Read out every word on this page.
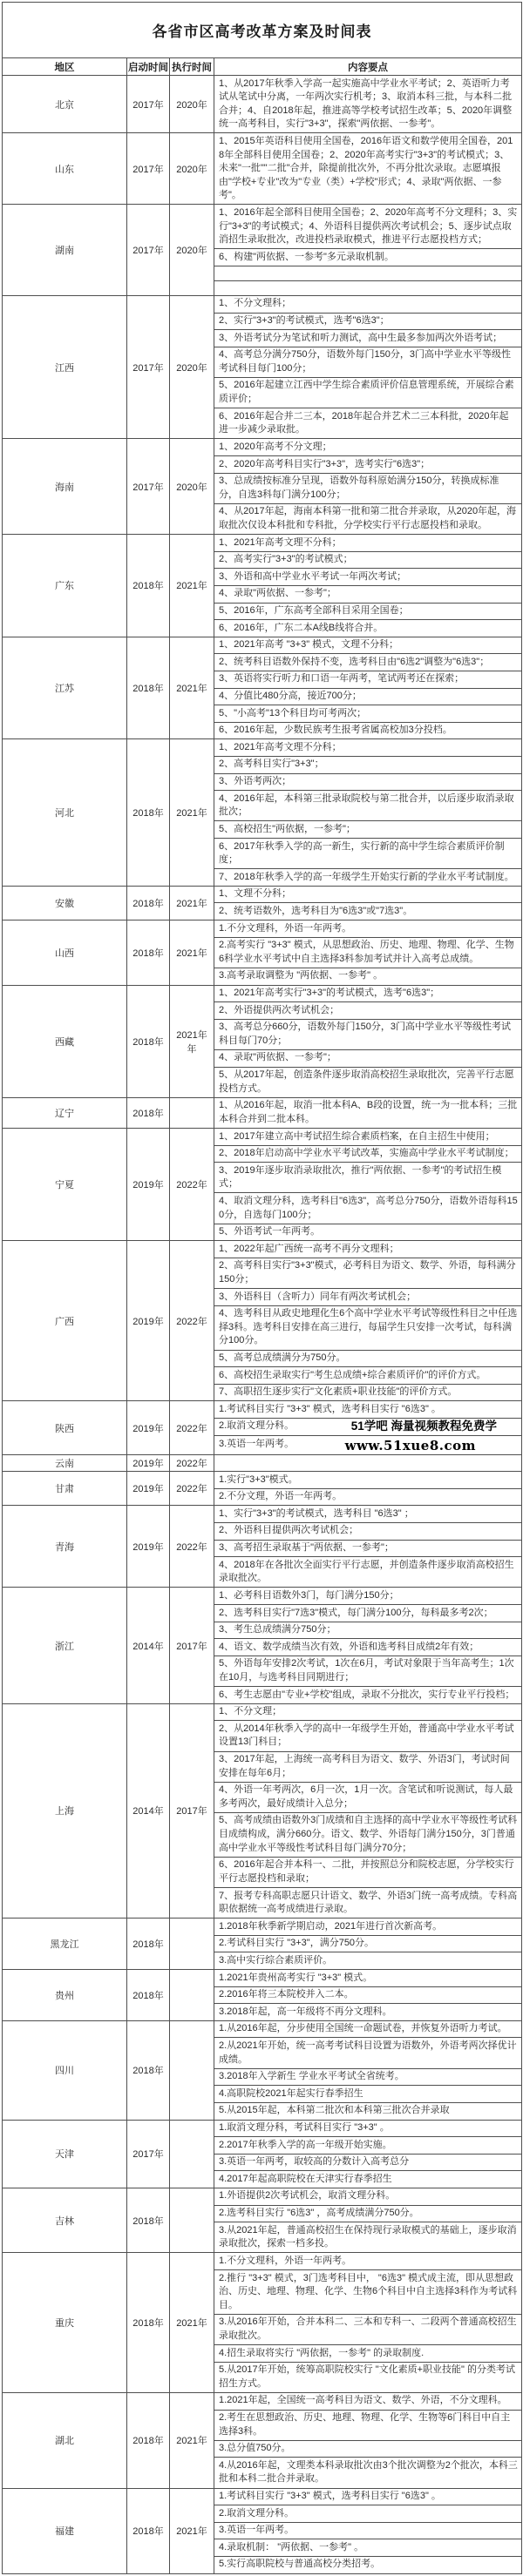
各省市区高考改革方案及时间表			
地区	启动时间	执行时间	内容要点
北京	2017年	2020年	1、从2017年秋季入学高一起实施高中学业水平考试；2、英语听力考试从笔试中分离，一年两次实行机考；3、取消本科三批，与本科二批合并；4、自2018年起，推进高等学校考试招生改革；5、2020年调整统一高考科目，实行"3+3"，探索"两依据、一参考"。
山东	2017年	2020年	1、2015年英语科目使用全国卷，2016年语文和数学使用全国卷，2018年全部科目使用全国卷；2、2020年高考实行"3+3"的考试模式；3、未来"一批""二批"合并，除提前批次外，不再分批次录取。志愿填报由"学校+专业"改为"专业（类）+学校"形式；4、录取"两依据、一参考"。
湖南	2017年	2020年	1、2016年起全部科目使用全国卷；2、2020年高考不分文理科；3、实行"3+3"的考试模式；4、外语科目提供两次考试机会；5、逐步试点取消招生录取批次，改进投档录取模式，推进平行志愿投档方式；
			6、构建"两依据、一参考"多元录取机制。

江西	2017年	2020年	1、不分文理科；
			2、实行"3+3"的考试模式，选考"6选3"；
			3、外语考试分为笔试和听力测试，高中生最多参加两次外语考试；
			4、高考总分满分750分，语数外每门150分，3门高中学业水平等级性考试科目每门100分；
			5、2016年起建立江西中学生综合素质评价信息管理系统，开展综合素质评价；
			6、2016年起合并二三本，2018年起合并艺术二三本科批，2020年起进一步减少录取批。
海南	2017年	2020年	1、2020年高考不分文理；
			2、2020年高考科目实行"3+3"，选考实行"6选3"；
			3、总成绩按标准分呈现，语数外每科原始满分150分，转换成标准分，自选3科每门满分100分；
			4、从2017年起，海南本科第一批和第二批合并录取，从2020年起，海取批次仅设本科批和专科批，分学校实行平行志愿投档和录取。
广东	2018年	2021年	1、2021年高考文理不分科；
			2、高考实行"3+3"的考试模式；
			3、外语和高中学业水平考试一年两次考试；
			4、录取"两依据、一参考"；
			5、2016年，广东高考全部科目采用全国卷；
			6、2016年，广东二本A线B线将合并。
江苏	2018年	2021年	1、2021年高考 "3+3" 模式，文理不分科；
			2、统考科目语数外保持不变，选考科目由"6选2"调整为"6选3"；
			3、英语将实行听力和口语一年两考，笔试两考还在探索；
			4、分值比480分高，接近700分；
			5、"小高考"13个科目均可考两次；
			6、2016年起，少数民族考生报考省属高校加3分投档。
河北	2018年	2021年	1、2021年高考文理不分科；
			2、高考科目实行"3+3"；
			3、外语考两次；
			4、2016年起，本科第三批录取院校与第二批合并，以后逐步取消录取批次；
			5、高校招生"两依据，一参考"；
			6、2017年秋季入学的高一新生，实行新的高中学生综合素质评价制度；
			7、2018年秋季入学的高一年级学生开始实行新的学业水平考试制度。
安徽	2018年	2021年	1、文理不分科；
			2、统考语数外，选考科目为"6选3"或"7选3"。
山西	2018年	2021年	1.不分文理科，外语一年两考。
			2.高考实行 "3+3" 模式，从思想政治、历史、地理、物理、化学、生物6科学业水平考试中自主选择3科参加考试并计入高考总成绩。
			3.高考录取调整为 "两依据、一参考" 。
西藏	2018年	2021年年	1、2021年高考实行"3+3"的考试模式，选考"6选3"；
			2、外语提供两次考试机会；
			3、高考总分660分，语数外每门150分，3门高中学业水平等级性考试科目每门70分；
			4、录取"两依据、一参考"；
			5、从2017年起，创造条件逐步取消高校招生录取批次，完善平行志愿投档方式。
辽宁	2018年		1、从2016年起，取消一批本科A、B段的设置，统一为一批本科；三批本科合并到二批本科。
宁夏	2019年	2022年	1、2017年建立高中考试招生综合素质档案，在自主招生中使用；
			2、2018年启动高中学业水平考试改革，实施高中学业水平考试制度；
			3、2019年逐步取消录取批次，推行"两依据、一参考"的考试招生模式；
			4、取消文理分科，选考科目"6选3"，高考总分750分，语数外语每科150分，自选每门100分；
			5、外语考试一年两考。
广西	2019年	2022年	1、2022年起广西统一高考不再分文理科；
			2、高考科目实行"3+3"模式，必考科目为语文、数学、外语，每科满分150分；
			3、外语科目（含听力）同年有两次考试机会；
			4、选考科目从政史地理化生6个高中学业水平考试等级性科目之中任选择3科。选考科目安排在高三进行，每届学生只安排一次考试，每科满分100分。
			5、高考总成绩满分为750分。
			6、高校招生录取实行"考生总成绩+综合素质评价"的评价方式。
			7、高职招生逐步实行"文化素质+职业技能"的评价方式。
陕西	2019年	2022年	1.考试科目实行 "3+3" 模式，选考科目实行 "6选3" 。
			2.取消文理分科。 51学吧 海量视频教程免费学

			3.英语一年两考。 www.51xue8.com

云南	2019年	2022年	
甘肃	2019年	2022年	1.实行"3+3"模式。
			2.不分文理，外语一年两考。
青海	2019年	2022年	1、实行"3+3"的考试模式，选考科目 "6选3" ；
			2、外语科目提供两次考试机会；
			3、高考招生录取基于"两依据、一参考"；
			4、2018年在各批次全面实行平行志愿，并创造条件逐步取消高校招生录取批次。
浙江	2014年	2017年	1、必考科目语数外3门，每门满分150分；
			2、选考科目实行"7选3"模式，每门满分100分，每科最多考2次；
			3、考生总成绩满分750分；
			4、语文、数学成绩当次有效，外语和选考科目成绩2年有效；
			5、外语每年安排2次考试，1次在6月，考试对象限于当年高考生；1次在10月，与选考科目同期进行；
			6、考生志愿由"专业+学校"组成，录取不分批次，实行专业平行投档；
上海	2014年	2017年	1、不分文理；
			2、从2014年秋季入学的高中一年级学生开始，普通高中学业水平考试设置13门科目；
			3、2017年起，上海统一高考科目为语文、数学、外语3门，考试时间安排在每年6月；
			4、外语一年考两次，6月一次，1月一次。含笔试和听说测试，每人最多考两次，最好成绩计入总分；
			5、高考成绩由语数外3门成绩和自主选择的高中学业水平等级性考试科目成绩构成，满分660分。语文、数学、外语每门满分150分，3门普通高中学业水平等级性考试科目每门满分70分；
			6、2016年起合并本科一、二批，并按照总分和院校志愿，分学校实行平行志愿投档和录取；
			7、报考专科高职志愿只计语文、数学、外语3门统一高考成绩。专科高职依据统一高考成绩进行录取。
黑龙江	2018年		1.2018年秋季新学期启动，2021年进行首次新高考。
			2.考试科目实行 "3+3"，满分750分。
			3.高中实行综合素质评价。
贵州	2018年		1.2021年贵州高考实行 "3+3" 模式。
			2.2016年将三本院校并入二本。
			3.2018年起，高一年级将不再分文理科。
四川	2018年		1.从2016年起，分步使用全国统一命题试卷，并恢复外语听力考试。
			2.从2021年开始，统一高考考试科目设置为语数外，外语考两次择优计成绩。
			3.2018年入学新生 学业水平考试全省统考。
			4.高职院校2021年起实行春季招生
			5.从2015年起，本科第二批次和本科第三批次合并录取
天津	2017年		1.取消文理分科，考试科目实行 "3+3" 。
			2.2017年秋季入学的高一年级开始实施。
			3.英语一年两考，取较高的分数计入高考总分
			4.2017年起高职院校在天津实行春季招生
吉林	2018年		1.外语提供2次考试机会，取消文理分科。
			2.选考科目实行 "6选3" ，高考成绩满分750分。
			3.从2021年起，普通高校招生在保持现行录取模式的基础上，逐步取消录取批次，探索一档多投。
重庆	2018年	2021年	1.不分文理科，外语一年两考。
			2.推行 "3+3" 模式，3门选考科目中， "6选3" 模式成主流，即从思想政治、历史、地理、物理、化学、生物6个科目中自主选择3科作为考试科目。
			3.从2016年开始，合并本科二、三本和专科一、二段两个普通高校招生录取批次。
			4.招生录取将实行 "两依据，一参考" 的录取制度.
			5.从2017年开始，统筹高职院校实行 "文化素质+职业技能" 的分类考试招生方式。
湖北	2018年	2021年	1.2021年起，全国统一高考科目为语文、数学、外语，不分文理科。
			2.考生在思想政治、历史、地理、物理、化学、生物等6门科目中自主选择3科。
			3.总分值750分。
			4.从2016年起，文理类本科录取批次由3个批次调整为2个批次，本科三批和本科二批合并录取。
福建	2018年	2021年	1.考试科目实行 "3+3" 模式，选考科目实行 "6选3" 。
			2.取消文理分科。
			3.英语一年两考。
			4.录取机制： "两依据、一参考" 。
			5.实行高职院校与普通高校分类招考。
